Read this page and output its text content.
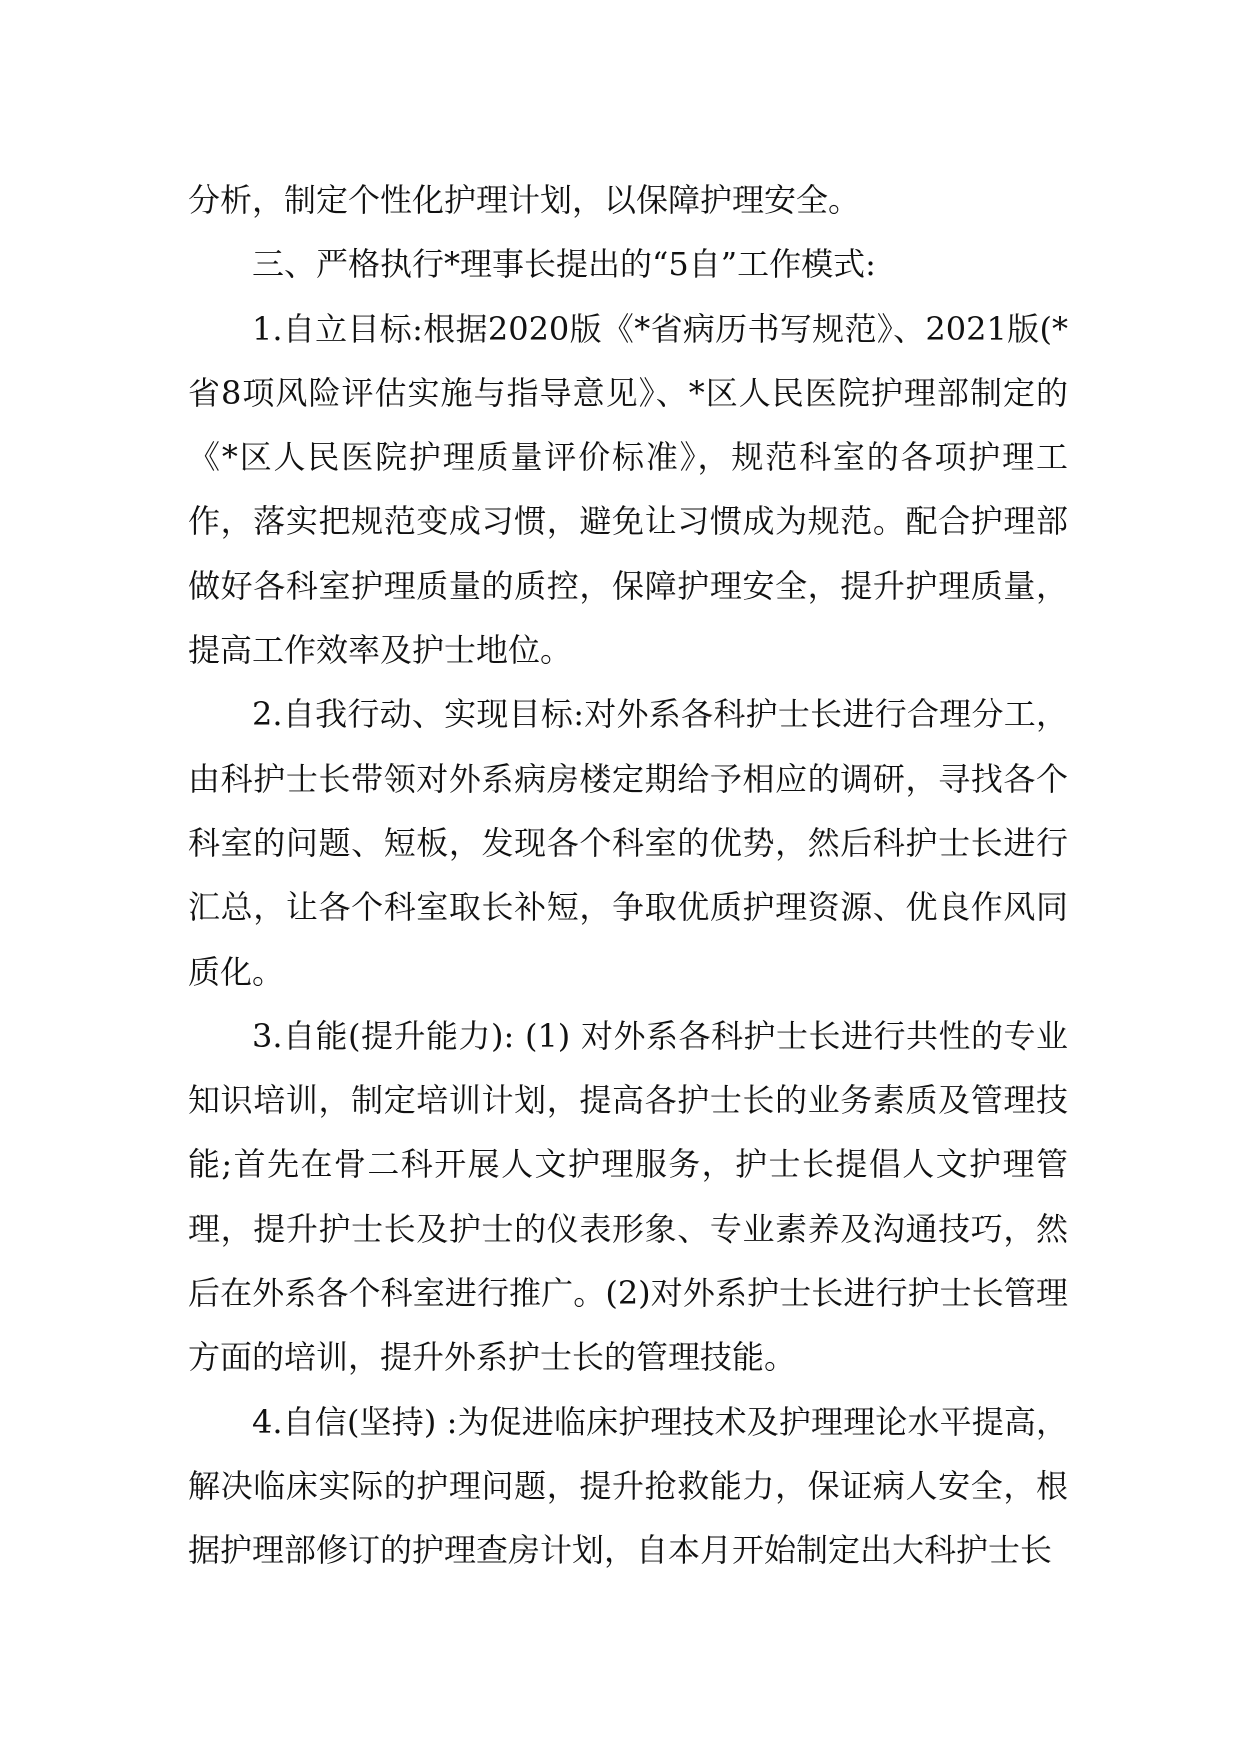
分析，制定个性化护理计划，以保障护理安全。

三、严格执行*理事长提出的“5自”工作模式:

1.自立目标:根据2020版《*省病历书写规范》、2021版(*省8项风险评估实施与指导意见》、*区人民医院护理部制定的《*区人民医院护理质量评价标准》，规范科室的各项护理工作，落实把规范变成习惯，避免让习惯成为规范。配合护理部做好各科室护理质量的质控，保障护理安全，提升护理质量，提高工作效率及护士地位。

2.自我行动、实现目标:对外系各科护士长进行合理分工，由科护士长带领对外系病房楼定期给予相应的调研，寻找各个科室的问题、短板，发现各个科室的优势，然后科护士长进行汇总，让各个科室取长补短，争取优质护理资源、优良作风同质化。

3.自能(提升能力): (1) 对外系各科护士长进行共性的专业知识培训，制定培训计划，提高各护士长的业务素质及管理技能;首先在骨二科开展人文护理服务，护士长提倡人文护理管理，提升护士长及护士的仪表形象、专业素养及沟通技巧，然后在外系各个科室进行推广。(2)对外系护士长进行护士长管理方面的培训，提升外系护士长的管理技能。

4.自信(坚持) :为促进临床护理技术及护理理论水平提高，解决临床实际的护理问题，提升抢救能力，保证病人安全，根据护理部修订的护理查房计划，自本月开始制定出大科护士长
